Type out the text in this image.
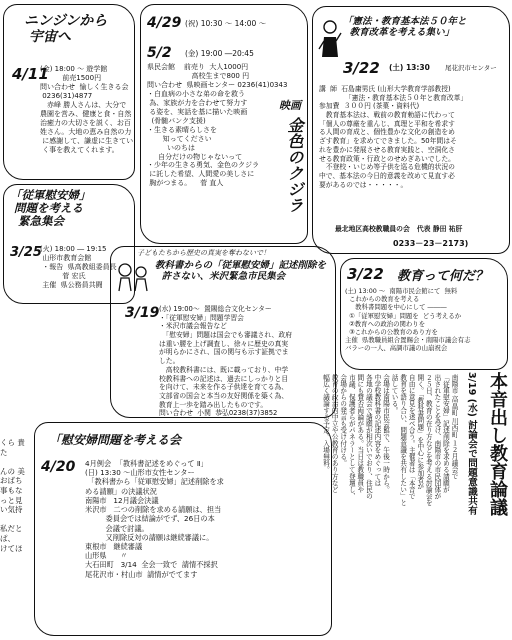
ニンジンから
宇宙へ
4/11
(金) 18:00 ～ 遊学館
前売1500円
問い合わせ  愉しく生きる会
0236(31)4877
　赤峰 勝人さんは、大分で
農園を営み、健康と食・自然
治癒力の大切さを説く、お百
姓さん。大地の恵み自然の力
に感謝して、謙虚に生きてい
く事を教えてくれます。
4/29 (祝) 10:30 ～ 14:00 ～
5/2 (金) 19:00 ―20:45
県民会館    前売り  大人1000円
高校生まで800 円
問い合わせ  県映画センター 0236(41)0343
・白血病の小さな弟の命を救う
為、家族が力を合わせて努力す
る姿を、実話を基に描いた映画
(骨髄バンク支援)
・生きる素晴らしさを
知ってください
いのちは
自分だけの物じゃないって
・少年の生きる勇気、金色のクジラ
に託した希望、人間愛の美しさに
胸がつまる。    菅 直人
映画
金色のクジラ
「憲法・教育基本法５０年と
教育改革を考える集い」
3/22 (土) 13:30 尾花沢市センター
講  師  石島庸男氏 (山形大学教育学部教授)
「憲法・教育基本法５０年と教育改革」
参加費  ３００円 (茶菓・資料代)
　教育基本法は、戦前の教育勅語に代わって
「個人の尊厳を重んじ、真理と平和を希求す
る人間の育成と、個性豊かな文化の創造をめ
ざす教育」を求めてできました。50年間はそ
れを豊かに発展させる教育実践と、空洞化さ
せる教育政策・行政とのせめぎあいでした。
　不登校・いじめ等子供を巡る危機的状況の
中で、基本法の今日的意義を改めて見直す必
要があるのでは・・・・・。
最北地区高校教職員の会   代表 静田 祐肝
0233－23－2173)
「従軍慰安婦」
問題を考える
緊急集会
3/25
(火) 18:00 ― 19:15
山形市教育会館
・報告  県高教組委員長
菅 宏氏
主催  県公務員共闘
子どもたちから歴史の真実を奪わないで！
教科書からの「従軍慰安婦」記述削除を
許さない、米沢緊急市民集会
3/19 (水) 19:00～  置賜総合文化センター
・「従軍慰安婦」問題学習会
・米沢市議会報告など
　「慰安婦」問題は国会でも審議され、政府
は重い腰を上げ調査し、徐々に歴史の真実
が明らかにされ、国の関与も示す証拠でま
した。
　高校教科書には、既に載っており、中学
校教科書への記述は、過去にしっかりと目
を向けて、未来を作る子供達を育てる為、
文部省の国会と本当の友好関係を築く為、
教育上一歩を踏み出したものです。
問い合わせ  小関  恭弘0238(37)3852
3/22 教育って何だ？
(土) 13:00 ～  南陽市民会館にて  無料
これからの教育を考える
教科書問題を中心にして ―――
①「従軍慰安婦」問題を  どう考えるか
②教育への政治の関わりを
③これからの公教育のあり方を
主催  県教職員組合置賜会・南陽市議会有志
バラーの一人、高調市議の山崩祝会

南陽市 高畠町 川西町 １２月議会で
「従軍慰安婦」記述削除を求める請願が
出されたことを受け、南陽市の市民団体が
２５日、教育の在り方などを考える討論会を
開く。「教科書問題」を中心に参加者が
自由に意見を述べ合う。主催者は「本音で
教育を語り合い、問題意識を共有したい」と
話している。
会場は南陽市民会館で、午後一時から。
中学校教科書の記述内容をめぐっては
各地の議会で請願が相次いでおり、住民の
間にも賛否両論がある。当日は教職員や
市議、保護者らがパネラーとして登壇し、
会場からの発言も受け付ける。
教育の政治的中立や公教育のあり方など
幅広く議論する予定。入場無料。	3/19 (水) 討論会で問題意識共有 本音出し教育論議
「慰安婦問題を考える会
4/20	4月例会  「教科書記述をめぐって Ⅱ」
(日) 13:30 ～山形市女性センター
「教科書から「従軍慰安婦」記述削除を求
める請願」の決議状況
南陽市   12月議会決議
米沢市   二つの削除を求める請願は、担当
委員会では結論がでず、26日の本
会議で討議。
又削除反対の請願は継続審議に。
東根市   継続審議
山形県      〃
大石田町   3/14  全会一致で  請情不採択
尾花沢市・村山市  請情がでてます
くら 貴
た

んの 美
おばち
事もな
っと見
い気持

私だと
ぱ、
けてほ
